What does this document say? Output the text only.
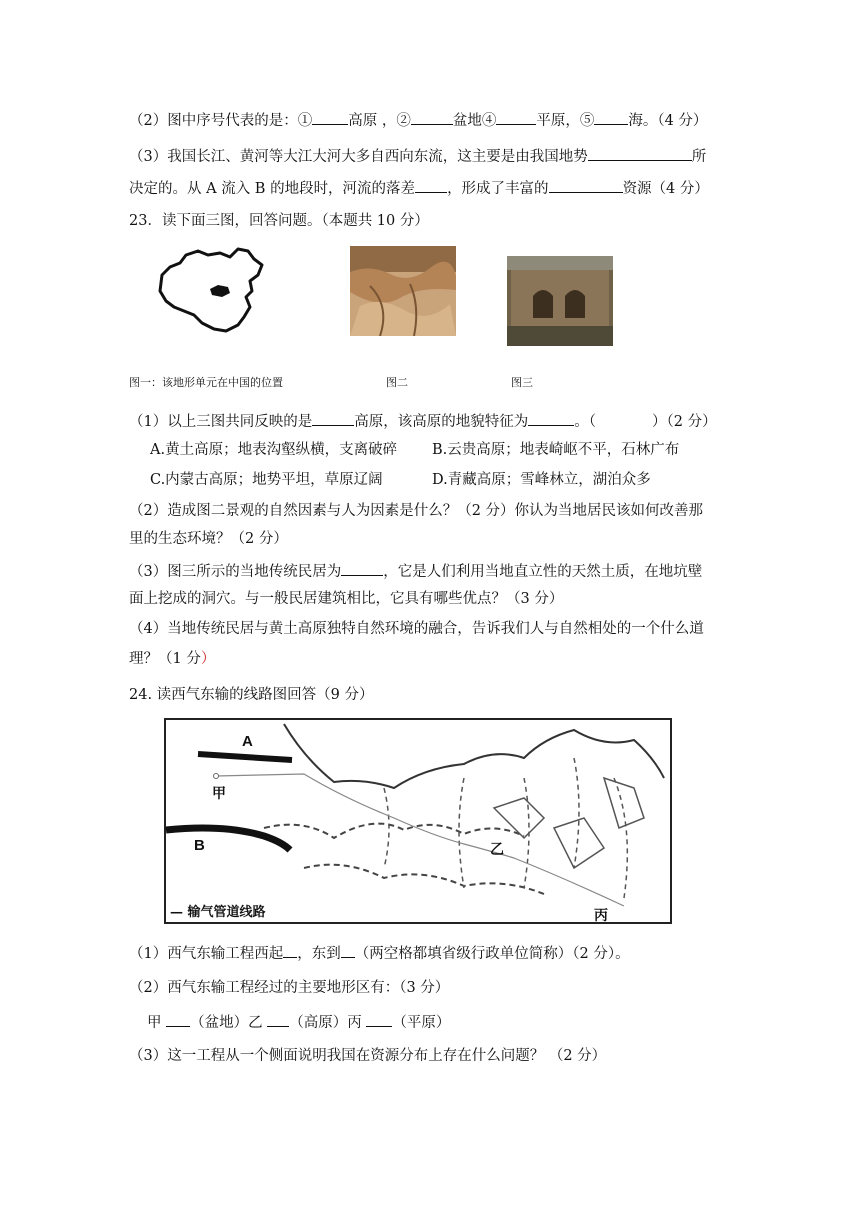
（2）图中序号代表的是：① 高原 ，②	盆地④	平原，⑤ 海。（4 分）
（3）我国长江、黄河等大江大河大多自西向东流，这主要是由我国地势	所
决定的。从 A 流入 B 的地段时，河流的落差 ，形成了丰富的	资源（4 分）
23．读下面三图，回答问题。（本题共 10 分）
图一：该地形单元在中国的位置	图二	图三
（1）以上三图共同反映的是	高原，该高原的地貌特征为	。（	）（2 分）
A.黄土高原；地表沟壑纵横，支离破碎 B.云贵高原；地表崎岖不平，石林广布
C.内蒙古高原；地势平坦，草原辽阔	D.青藏高原；雪峰林立，湖泊众多
（2）造成图二景观的自然因素与人为因素是什么？（2 分）你认为当地居民该如何改善那
里的生态环境？（2 分）
（3）图三所示的当地传统民居为	，它是人们利用当地直立性的天然土质，在地坑壁
面上挖成的洞穴。与一般民居建筑相比，它具有哪些优点？（3 分）
（4）当地传统民居与黄土高原独特自然环境的融合，告诉我们人与自然相处的一个什么道
理？（1 分）
24. 读西气东输的线路图回答（9 分）
A
B
甲
乙
丙
— 输气管道线路
（1）西气东输工程西起 ，东到 （两空格都填省级行政单位简称）（2 分）。
（2）西气东输工程经过的主要地形区有：（3 分）
甲 （盆地）乙 （高原）丙 （平原）
（3）这一工程从一个侧面说明我国在资源分布上存在什么问题？ （2 分）
